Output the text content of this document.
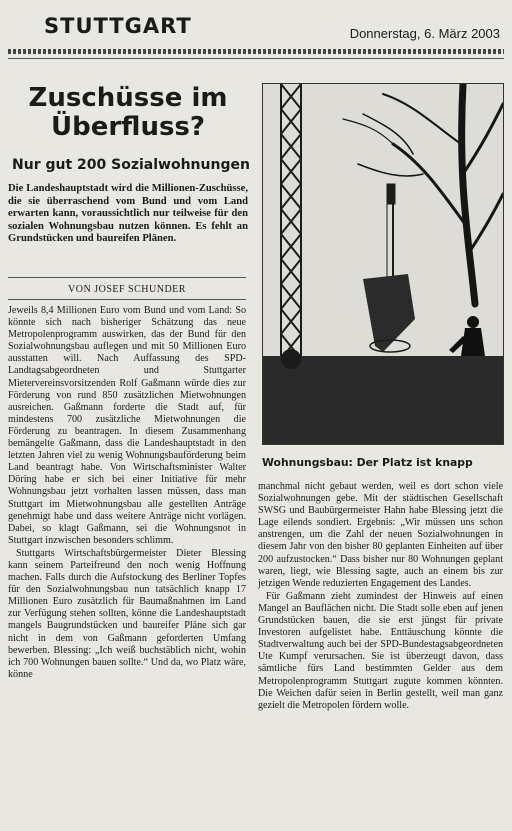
STUTTGART	Donnerstag, 6. März 2003
Zuschüsse im
Überfluss?
Nur gut 200 Sozialwohnungen

Die Landeshauptstadt wird die Millionen-Zuschüsse, die sie überraschend vom Bund und vom Land erwarten kann, voraussichtlich nur teilweise für den sozialen Wohnungsbau nutzen können. Es fehlt an Grundstücken und baureifen Plänen.

VON JOSEF SCHUNDER

Jeweils 8,4 Millionen Euro vom Bund und vom Land: So könnte sich nach bisheriger Schätzung das neue Metropolenprogramm auswirken, das der Bund für den Sozialwohnungsbau auflegen und mit 50 Millionen Euro ausstatten will. Nach Auffassung des SPD-Landtagsabgeordneten und Stuttgarter Mietervereinsvorsitzenden Rolf Gaßmann würde dies zur Förderung von rund 850 zusätzlichen Mietwohnungen ausreichen. Gaßmann forderte die Stadt auf, für mindestens 700 zusätzliche Mietwohnungen die Förderung zu beantragen. In diesem Zusammenhang bemängelte Gaßmann, dass die Landeshauptstadt in den letzten Jahren viel zu wenig Wohnungsbauförderung beim Land beantragt habe. Von Wirtschaftsminister Walter Döring habe er sich bei einer Initiative für mehr Wohnungsbau jetzt vorhalten lassen müssen, dass man Stuttgart im Mietwohnungsbau alle gestellten Anträge genehmigt habe und dass weitere Anträge nicht vorlägen. Dabei, so klagt Gaßmann, sei die Wohnungsnot in Stuttgart inzwischen besonders schlimm.

Stuttgarts Wirtschaftsbürgermeister Dieter Blessing kann seinem Parteifreund den noch wenig Hoffnung machen. Falls durch die Aufstockung des Berliner Topfes für den Sozialwohnungsbau nun tatsächlich knapp 17 Millionen Euro zusätzlich für Baumaßnahmen im Land zur Verfügung stehen sollten, könne die Landeshauptstadt mangels Baugrundstücken und baureifer Pläne sich gar nicht in dem von Gaßmann geforderten Umfang bewerben. Blessing: „Ich weiß buchstäblich nicht, wohin ich 700 Wohnungen bauen sollte.“ Und da, wo Platz wäre, könne

Wohnungsbau: Der Platz ist knapp

manchmal nicht gebaut werden, weil es dort schon viele Sozialwohnungen gebe. Mit der städtischen Gesellschaft SWSG und Baubürgermeister Hahn habe Blessing jetzt die Lage eilends sondiert. Ergebnis: „Wir müssen uns schon anstrengen, um die Zahl der neuen Sozialwohnungen in diesem Jahr von den bisher 80 geplanten Einheiten auf über 200 aufzustocken.“ Dass bisher nur 80 Wohnungen geplant waren, liegt, wie Blessing sagte, auch an einem bis zur jetzigen Wende reduzierten Engagement des Landes.

Für Gaßmann zieht zumindest der Hinweis auf einen Mangel an Bauflächen nicht. Die Stadt solle eben auf jenen Grundstücken bauen, die sie erst jüngst für private Investoren aufgelistet habe. Enttäuschung könnte die Stadtverwaltung auch bei der SPD-Bundestagsabgeordneten Ute Kumpf verursachen. Sie ist überzeugt davon, dass sämtliche fürs Land bestimmten Gelder aus dem Metropolenprogramm Stuttgart zugute kommen könnten. Die Weichen dafür seien in Berlin gestellt, weil man ganz gezielt die Metropolen fördern wolle.
